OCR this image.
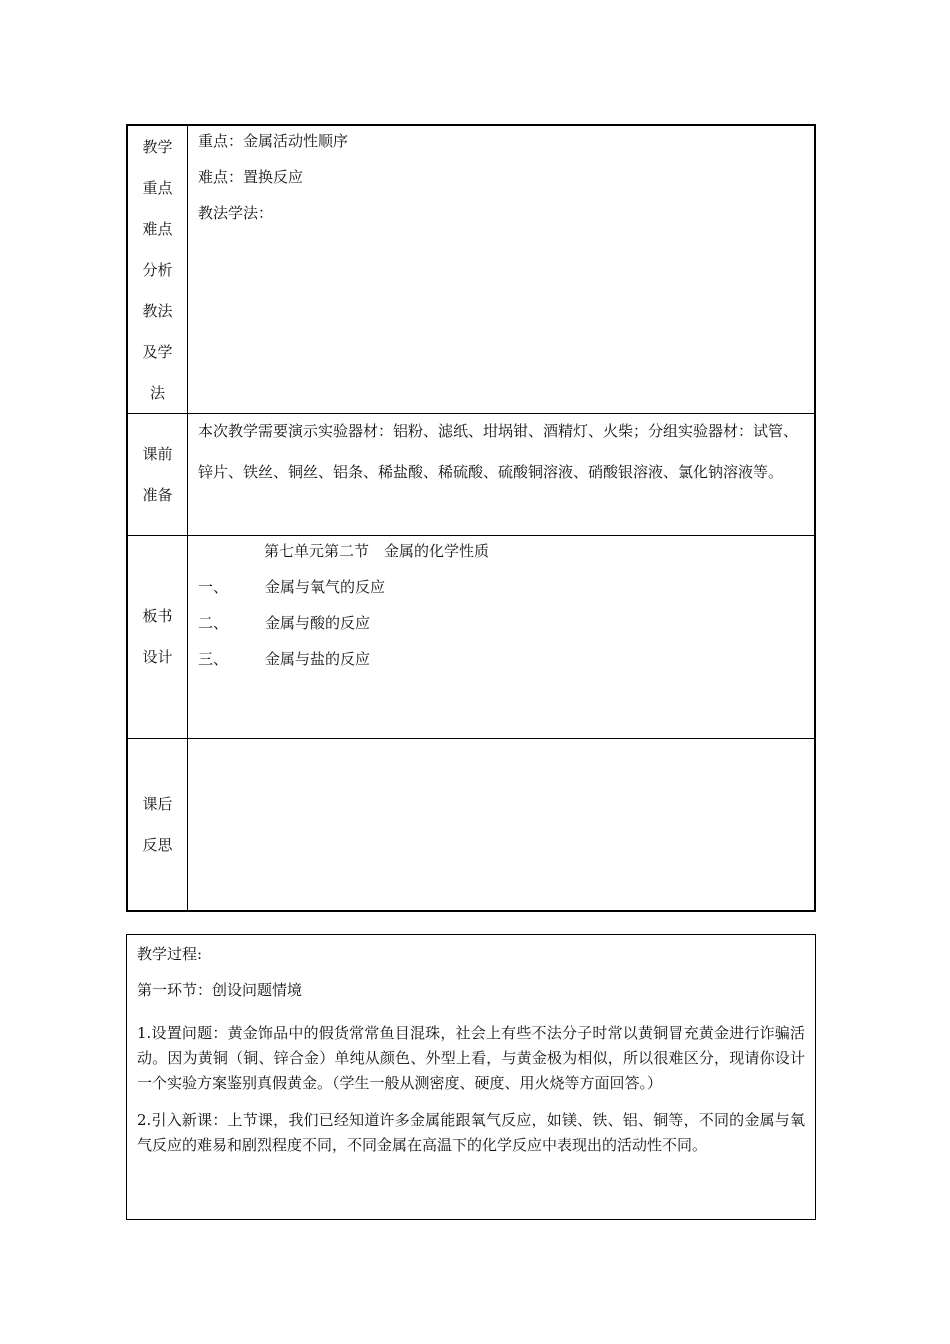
教学
重点
难点
分析
教法
及学
法
重点：金属活动性顺序
难点：置换反应
教法学法：
课前
准备
本次教学需要演示实验器材：铝粉、滤纸、坩埚钳、酒精灯、火柴；分组实验器材：试管、锌片、铁丝、铜丝、铝条、稀盐酸、稀硫酸、硫酸铜溶液、硝酸银溶液、氯化钠溶液等。
板书
设计
第七单元第二节　金属的化学性质
一、 金属与氧气的反应
二、 金属与酸的反应
三、 金属与盐的反应
课后
反思
教学过程:
第一环节：创设问题情境
1.设置问题：黄金饰品中的假货常常鱼目混珠，社会上有些不法分子时常以黄铜冒充黄金进行诈骗活动。因为黄铜（铜、锌合金）单纯从颜色、外型上看，与黄金极为相似，所以很难区分，现请你设计一个实验方案鉴别真假黄金。（学生一般从测密度、硬度、用火烧等方面回答。）
2.引入新课：上节课，我们已经知道许多金属能跟氧气反应，如镁、铁、铝、铜等，不同的金属与氧气反应的难易和剧烈程度不同，不同金属在高温下的化学反应中表现出的活动性不同。
